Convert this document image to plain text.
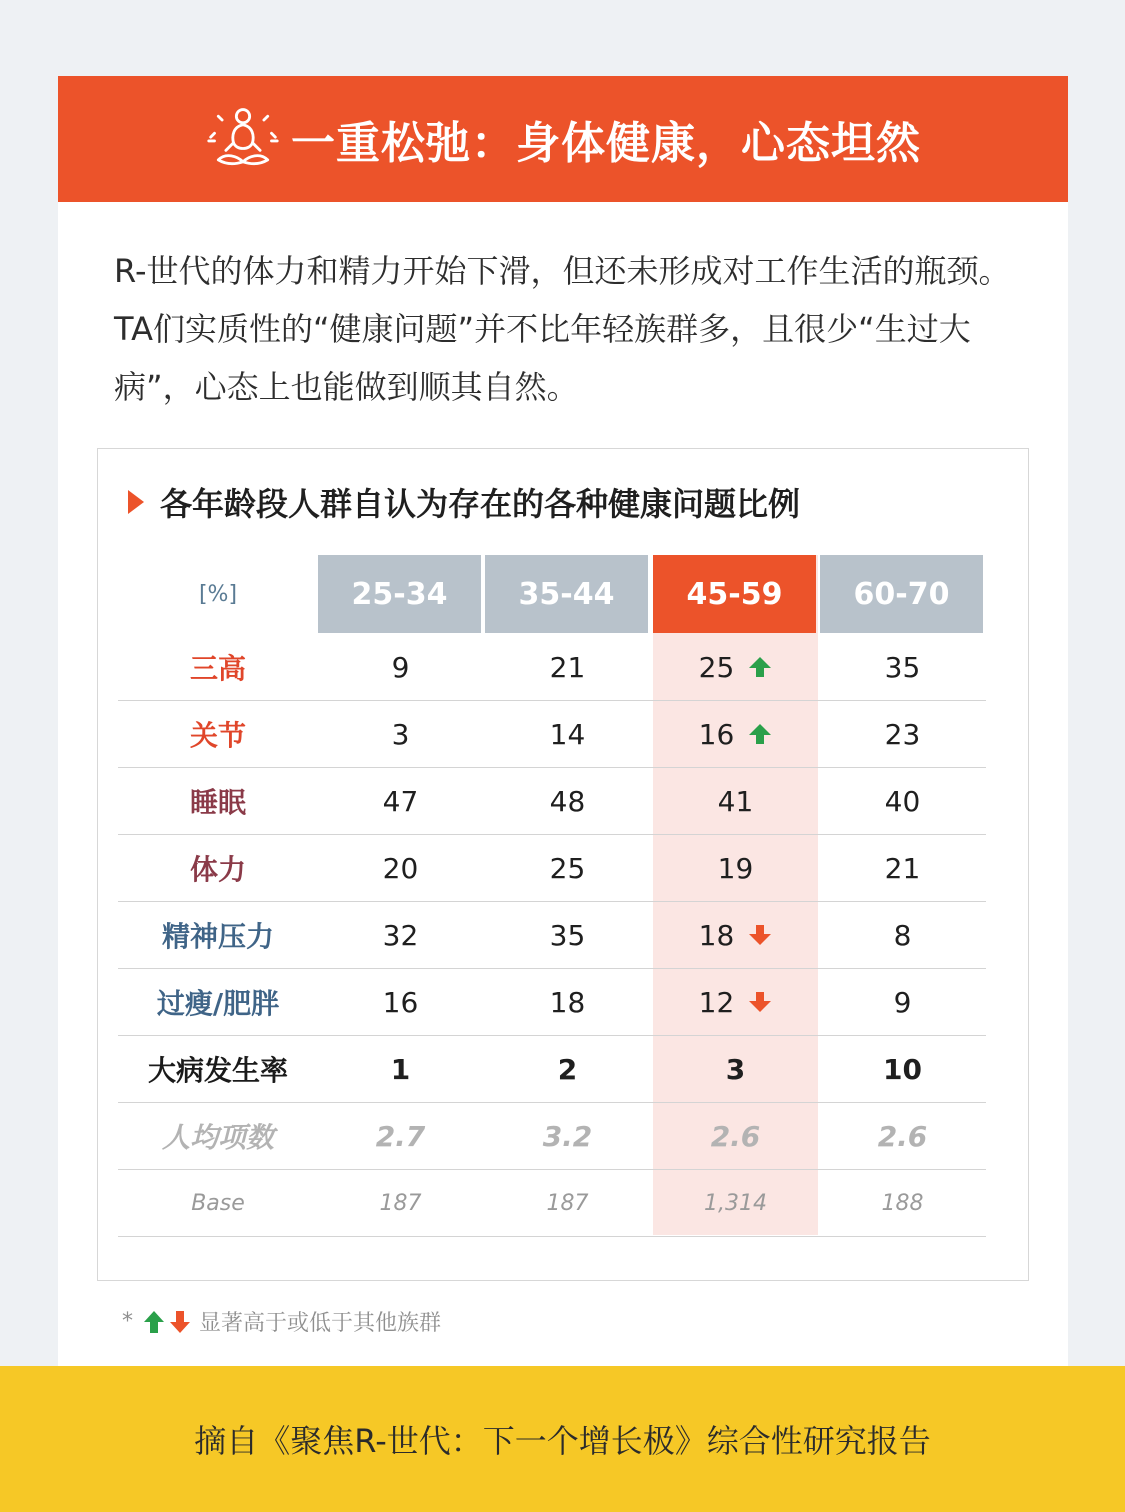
一重松弛：身体健康，心态坦然
R-世代的体力和精力开始下滑，但还未形成对工作生活的瓶颈。TA们实质性的“健康问题”并不比年轻族群多，且很少“生过大病”，心态上也能做到顺其自然。
各年龄段人群自认为存在的各种健康问题比例
[%]	25-34	35-44	45-59	60-70
三高	9	21	25	35
关节	3	14	16	23
睡眠	47	48	41	40
体力	20	25	19	21
精神压力	32	35	18	8
过瘦/肥胖	16	18	12	9
大病发生率	1	2	3	10
人均项数	2.7	3.2	2.6	2.6
Base	187	187	1,314	188
*	显著高于或低于其他族群
摘自《聚焦R-世代：下一个增长极》综合性研究报告
